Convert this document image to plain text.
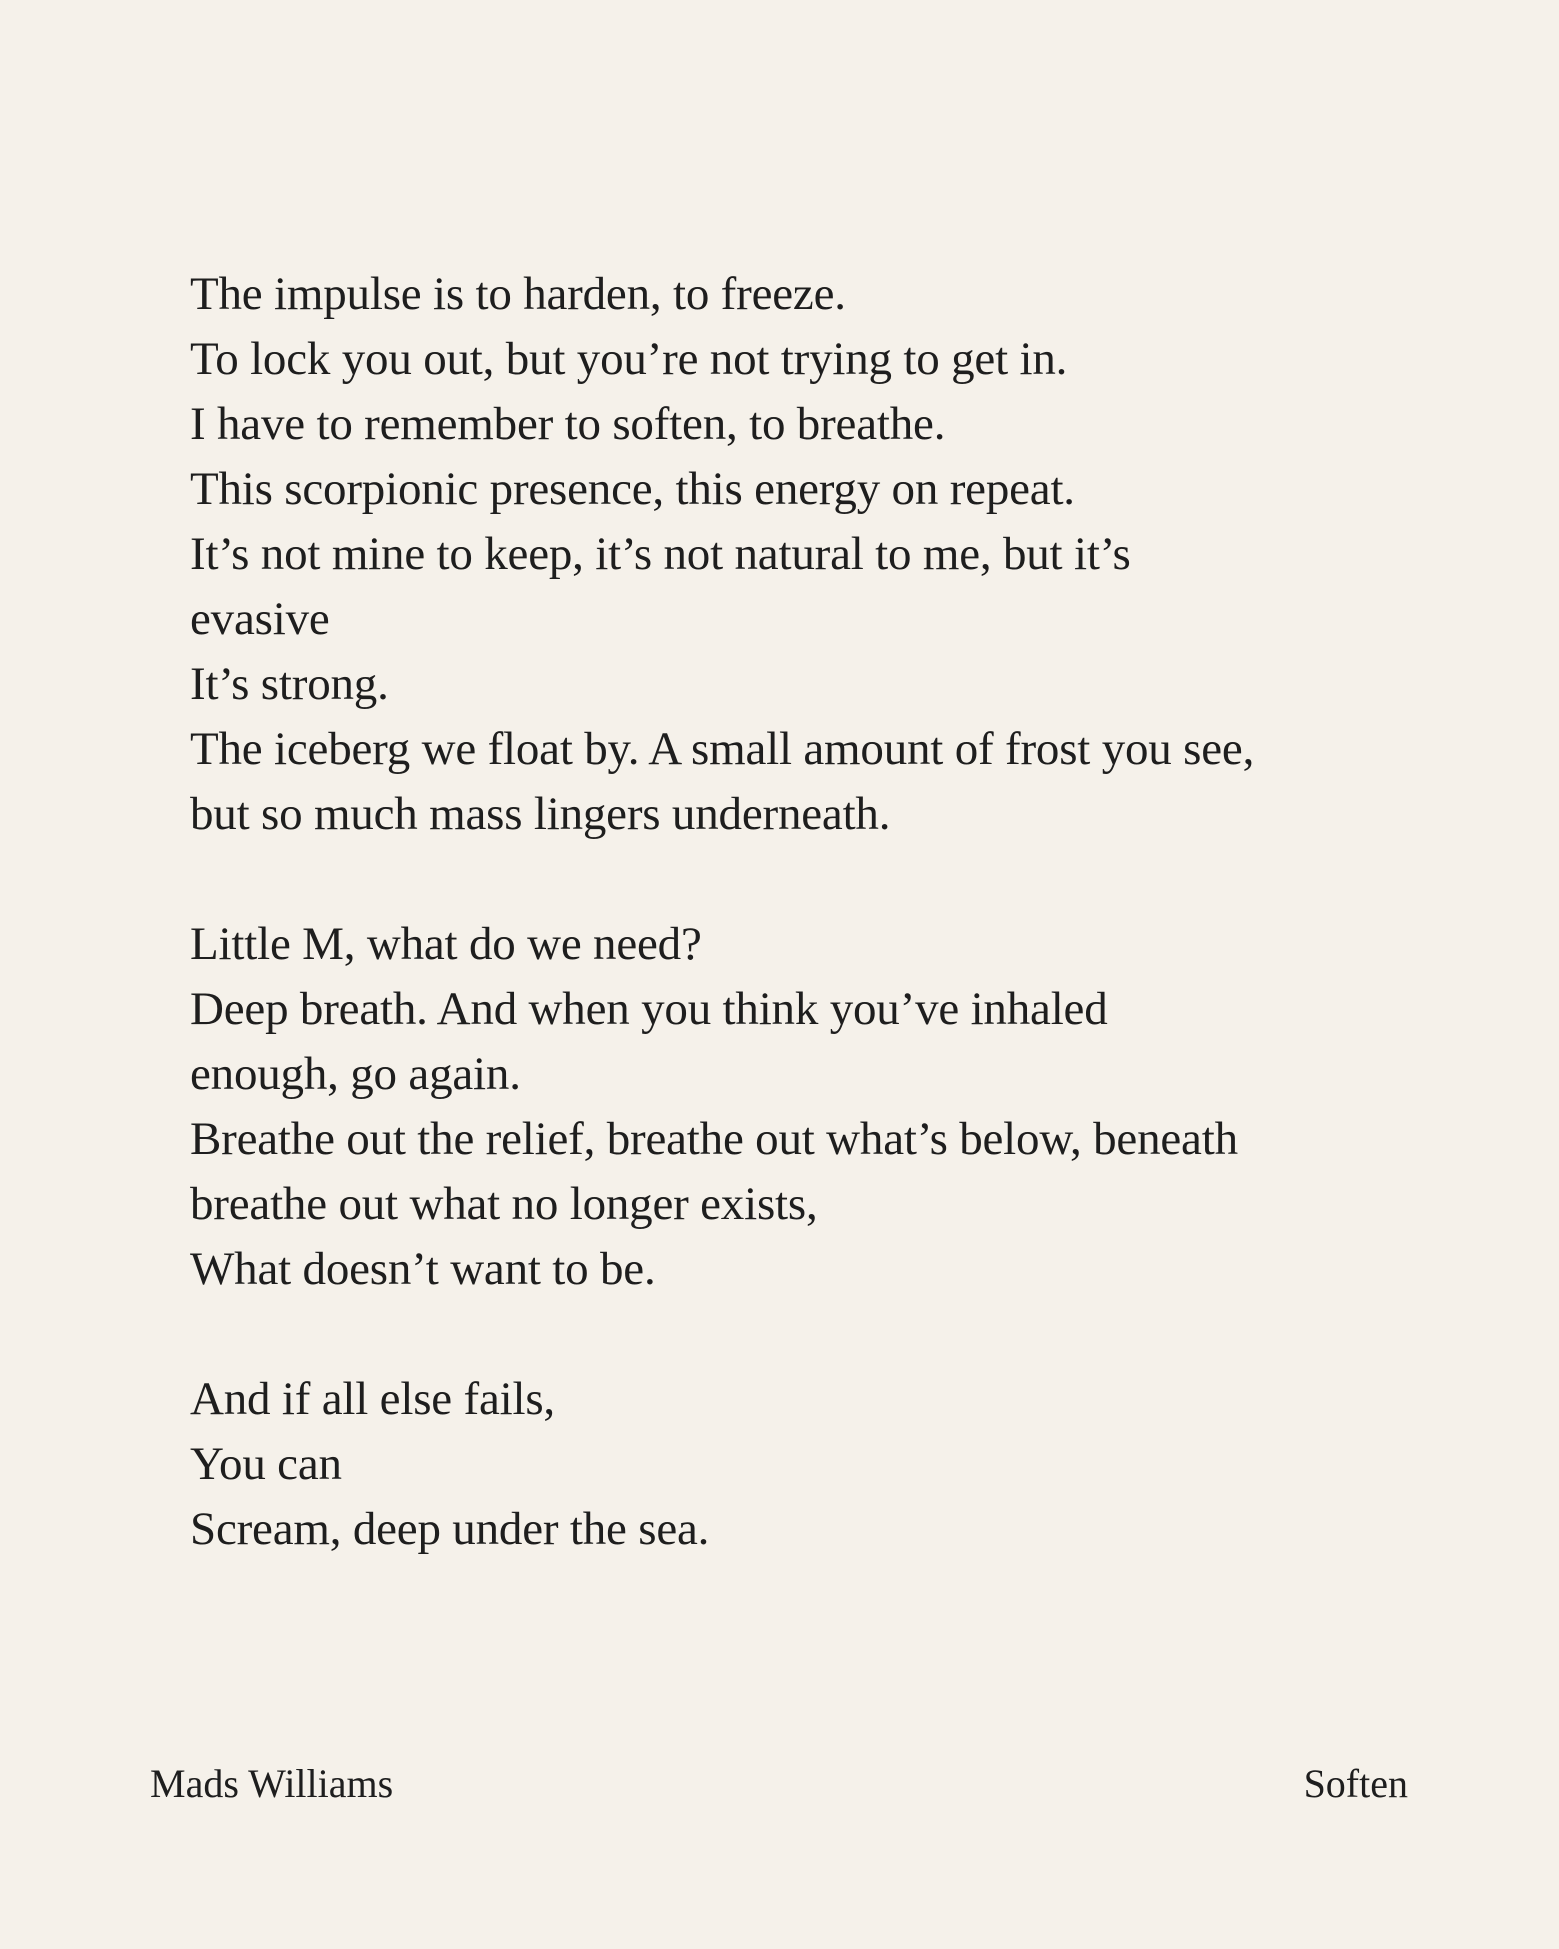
The impulse is to harden, to freeze.
To lock you out, but you’re not trying to get in.
I have to remember to soften, to breathe.
This scorpionic presence, this energy on repeat.
It’s not mine to keep, it’s not natural to me, but it’s
evasive
It’s strong.
The iceberg we float by. A small amount of frost you see,
but so much mass lingers underneath.
Little M, what do we need?
Deep breath. And when you think you’ve inhaled
enough, go again.
Breathe out the relief, breathe out what’s below, beneath
breathe out what no longer exists,
What doesn’t want to be.
And if all else fails,
You can
Scream, deep under the sea.
Mads Williams	Soften
